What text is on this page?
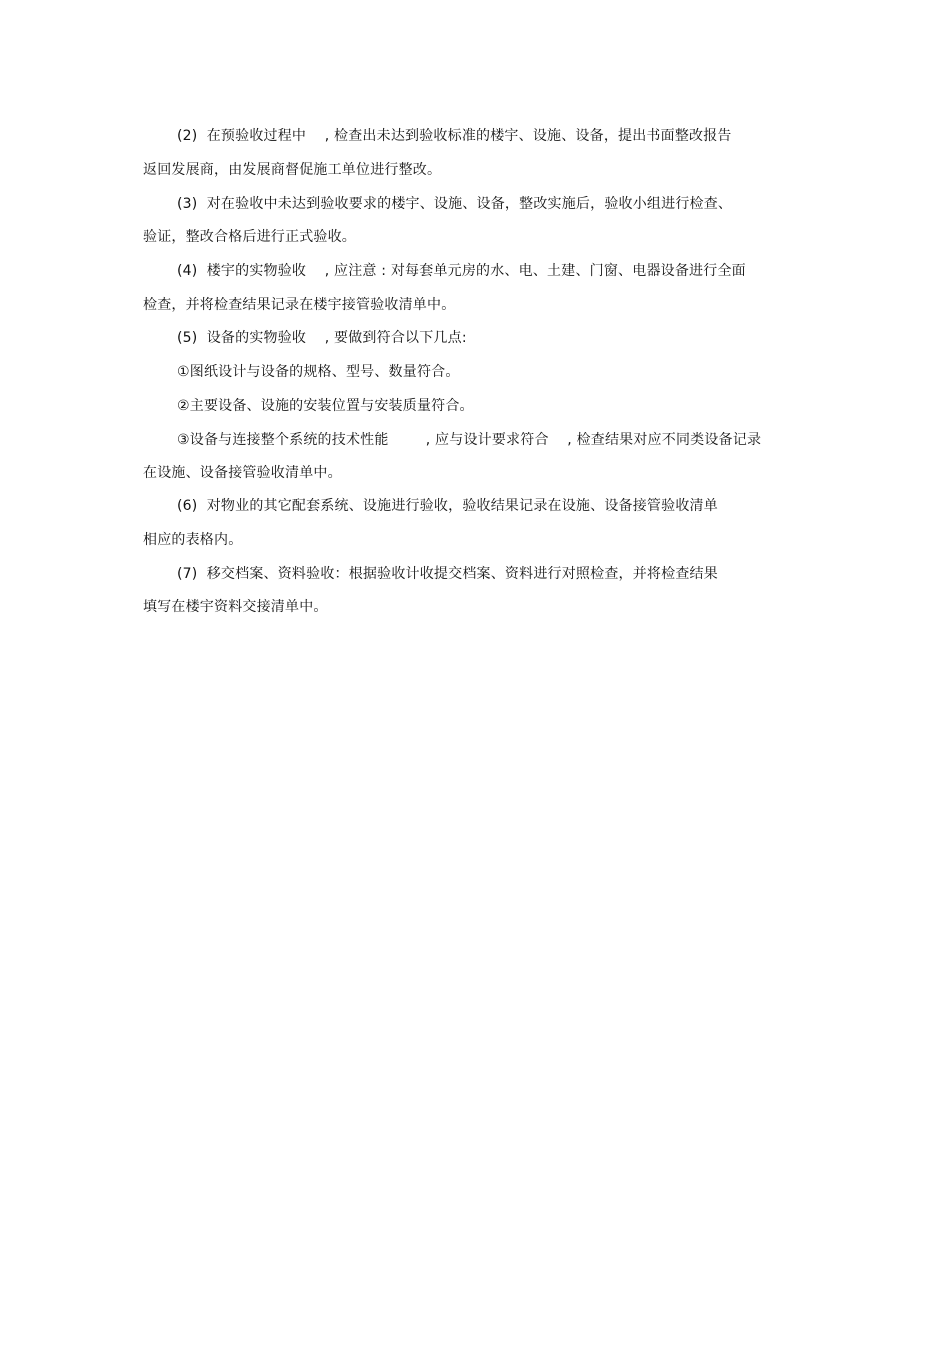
(2)  在预验收过程中    , 检查出未达到验收标准的楼宇、设施、设备，提出书面整改报告
返回发展商，由发展商督促施工单位进行整改。
(3)  对在验收中未达到验收要求的楼宇、设施、设备，整改实施后，验收小组进行检查、
验证，整改合格后进行正式验收。
(4)  楼宇的实物验收    , 应注意 : 对每套单元房的水、电、土建、门窗、电器设备进行全面
检查，并将检查结果记录在楼宇接管验收清单中。
(5)  设备的实物验收    , 要做到符合以下几点:
①图纸设计与设备的规格、型号、数量符合。
②主要设备、设施的安装位置与安装质量符合。
③设备与连接整个系统的技术性能        , 应与设计要求符合    , 检查结果对应不同类设备记录
在设施、设备接管验收清单中。
(6)  对物业的其它配套系统、设施进行验收，验收结果记录在设施、设备接管验收清单
相应的表格内。
(7)  移交档案、资料验收：根据验收计收提交档案、资料进行对照检查，并将检查结果
填写在楼宇资料交接清单中。
